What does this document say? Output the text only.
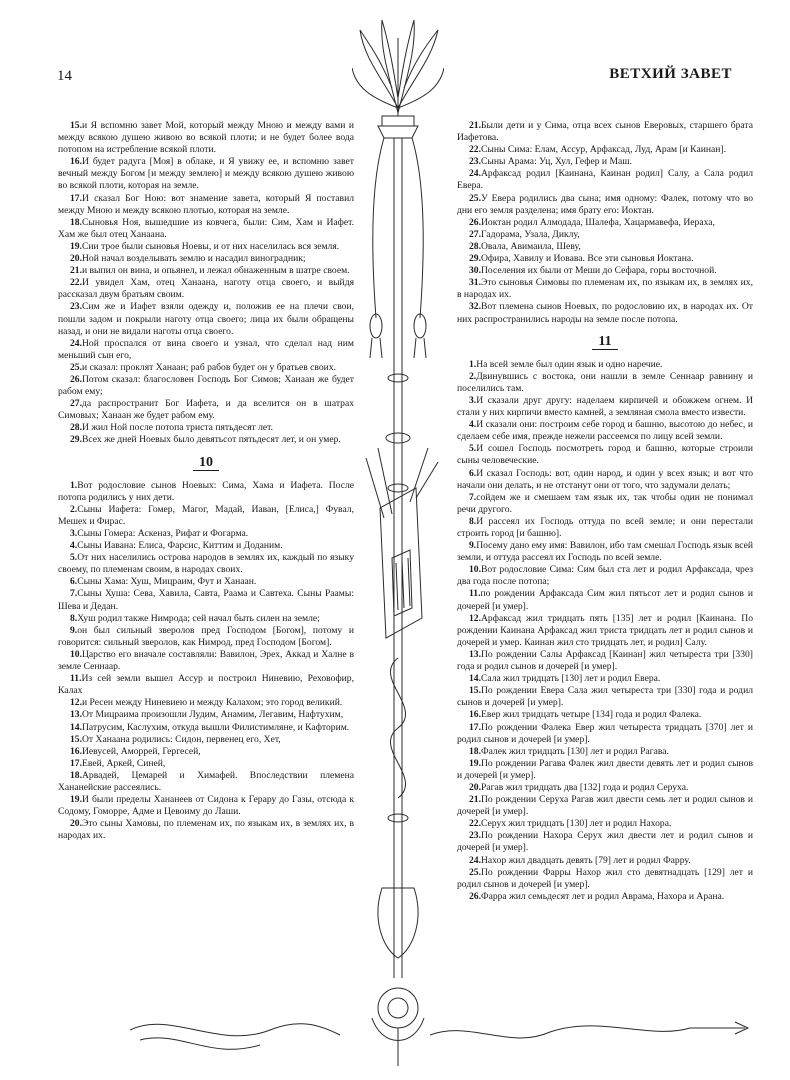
14	ВЕТХИЙ ЗАВЕТ

15.и Я вспомню завет Мой, который между Мною и между вами и между всякою душею живою во всякой плоти; и не будет более вода потопом на истребление всякой плоти.

16.И будет радуга [Моя] в облаке, и Я увижу ее, и вспомню завет вечный между Богом [и между землею] и между всякою душею живою во всякой плоти, которая на земле.

17.И сказал Бог Ною: вот знамение завета, который Я поставил между Мною и между всякою плотью, которая на земле.

18.Сыновья Ноя, вышедшие из ковчега, были: Сим, Хам и Иафет. Хам же был отец Ханаана.

19.Сии трое были сыновья Ноевы, и от них населилась вся земля.

20.Ной начал возделывать землю и насадил виноградник;

21.и выпил он вина, и опьянел, и лежал обнаженным в шатре своем.

22.И увидел Хам, отец Ханаана, наготу отца своего, и выйдя рассказал двум братьям своим.

23.Сим же и Иафет взяли одежду и, положив ее на плечи свои, пошли задом и покрыли наготу отца своего; лица их были обращены назад, и они не видали наготы отца своего.

24.Ной проспался от вина своего и узнал, что сделал над ним меньший сын его,

25.и сказал: проклят Ханаан; раб рабов будет он у братьев своих.

26.Потом сказал: благословен Господь Бог Симов; Ханаан же будет рабом ему;

27.да распространит Бог Иафета, и да вселится он в шатрах Симовых; Ханаан же будет рабом ему.

28.И жил Ной после потопа триста пятьдесят лет.

29.Всех же дней Ноевых было девятьсот пятьдесят лет, и он умер.

10

1.Вот родословие сынов Ноевых: Сима, Хама и Иафета. После потопа родились у них дети.

2.Сыны Иафета: Гомер, Магог, Мадай, Иаван, [Елиса,] Фувал, Мешех и Фирас.

3.Сыны Гомера: Аскеназ, Рифат и Фогарма.

4.Сыны Иавана: Елиса, Фарсис, Киттим и Доданим.

5.От них населились острова народов в землях их, каждый по языку своему, по племенам своим, в народах своих.

6.Сыны Хама: Хуш, Мицраим, Фут и Ханаан.

7.Сыны Хуша: Сева, Хавила, Савта, Раама и Савтеха. Сыны Раамы: Шева и Дедан.

8.Хуш родил также Нимрода; сей начал быть силен на земле;

9.он был сильный зверолов пред Господом [Богом], потому и говорится: сильный зверолов, как Нимрод, пред Господом [Богом].

10.Царство его вначале составляли: Вавилон, Эрех, Аккад и Халне в земле Сеннаар.

11.Из сей земли вышел Ассур и построил Ниневию, Реховофир, Калах

12.и Ресен между Ниневиею и между Калахом; это город великий.

13.От Мицраима произошли Лудим, Анамим, Легавим, Нафтухим,

14.Патрусим, Каслухим, откуда вышли Филистимляне, и Кафторим.

15.От Ханаана родились: Сидон, первенец его, Хет,

16.Иевусей, Аморрей, Гергесей,

17.Евей, Аркей, Синей,

18.Арвадей, Цемарей и Химафей. Впоследствии племена Хананейские рассеялись.

19.И были пределы Хананеев от Сидона к Герару до Газы, отсюда к Содому, Гоморре, Адме и Цевоиму до Лаши.

20.Это сыны Хамовы, по племенам их, по языкам их, в землях их, в народах их.

21.Были дети и у Сима, отца всех сынов Еверовых, старшего брата Иафетова.

22.Сыны Сима: Елам, Ассур, Арфаксад, Луд, Арам [и Каинан].

23.Сыны Арама: Уц, Хул, Гефер и Маш.

24.Арфаксад родил [Каинана, Каинан родил] Салу, а Сала родил Евера.

25.У Евера родились два сына; имя одному: Фалек, потому что во дни его земля разделена; имя брату его: Иоктан.

26.Иоктан родил Алмодада, Шалефа, Хацармавефа, Иераха,

27.Гадорама, Узала, Диклу,

28.Овала, Авимаила, Шеву,

29.Офира, Хавилу и Иовава. Все эти сыновья Иоктана.

30.Поселения их были от Меши до Сефара, горы восточной.

31.Это сыновья Симовы по племенам их, по языкам их, в землях их, в народах их.

32.Вот племена сынов Ноевых, по родословию их, в народах их. От них распространились народы на земле после потопа.

11

1.На всей земле был один язык и одно наречие.

2.Двинувшись с востока, они нашли в земле Сеннаар равнину и поселились там.

3.И сказали друг другу: наделаем кирпичей и обожжем огнем. И стали у них кирпичи вместо камней, а земляная смола вместо извести.

4.И сказали они: построим себе город и башню, высотою до небес, и сделаем себе имя, прежде нежели рассеемся по лицу всей земли.

5.И сошел Господь посмотреть город и башню, которые строили сыны человеческие.

6.И сказал Господь: вот, один народ, и один у всех язык; и вот что начали они делать, и не отстанут они от того, что задумали делать;

7.сойдем же и смешаем там язык их, так чтобы один не понимал речи другого.

8.И рассеял их Господь оттуда по всей земле; и они перестали строить город [и башню].

9.Посему дано ему имя: Вавилон, ибо там смешал Господь язык всей земли, и оттуда рассеял их Господь по всей земле.

10.Вот родословие Сима: Сим был ста лет и родил Арфаксада, чрез два года после потопа;

11.по рождении Арфаксада Сим жил пятьсот лет и родил сынов и дочерей [и умер].

12.Арфаксад жил тридцать пять [135] лет и родил [Каинана. По рождении Каинана Арфаксад жил триста тридцать лет и родил сынов и дочерей и умер. Каинан жил сто тридцать лет, и родил] Салу.

13.По рождении Салы Арфаксад [Каинан] жил четыреста три [330] года и родил сынов и дочерей [и умер].

14.Сала жил тридцать [130] лет и родил Евера.

15.По рождении Евера Сала жил четыреста три [330] года и родил сынов и дочерей [и умер].

16.Евер жил тридцать четыре [134] года и родил Фалека.

17.По рождении Фалека Евер жил четыреста тридцать [370] лет и родил сынов и дочерей [и умер].

18.Фалек жил тридцать [130] лет и родил Рагава.

19.По рождении Рагава Фалек жил двести девять лет и родил сынов и дочерей [и умер].

20.Рагав жил тридцать два [132] года и родил Серуха.

21.По рождении Серуха Рагав жил двести семь лет и родил сынов и дочерей [и умер].

22.Серух жил тридцать [130] лет и родил Нахора.

23.По рождении Нахора Серух жил двести лет и родил сынов и дочерей [и умер].

24.Нахор жил двадцать девять [79] лет и родил Фарру.

25.По рождении Фарры Нахор жил сто девятнадцать [129] лет и родил сынов и дочерей [и умер].

26.Фарра жил семьдесят лет и родил Аврама, Нахора и Арана.
